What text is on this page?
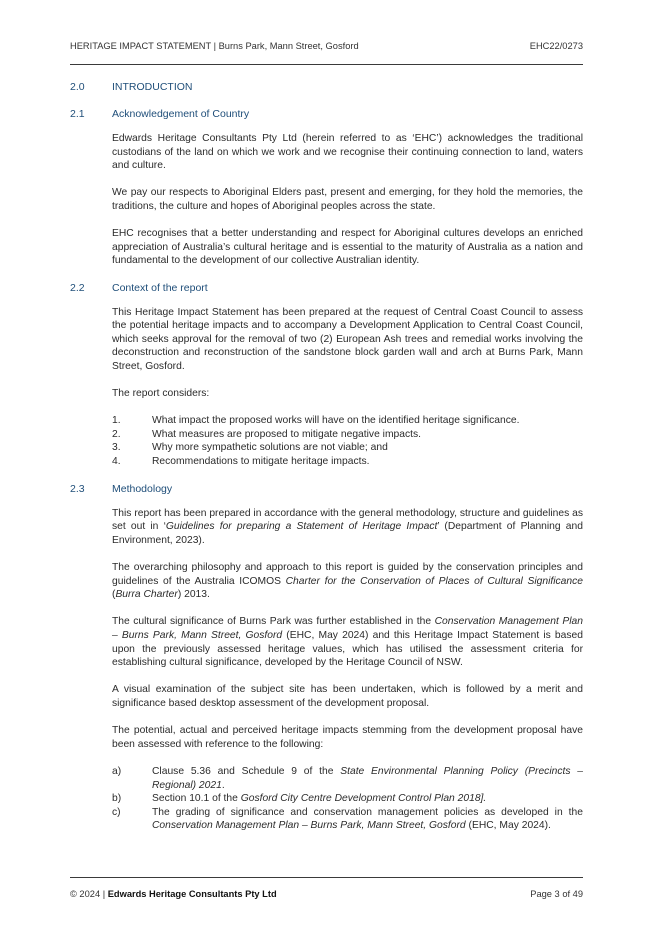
HERITAGE IMPACT STATEMENT | Burns Park, Mann Street, Gosford	EHC22/0273
2.0	INTRODUCTION
2.1	Acknowledgement of Country

Edwards Heritage Consultants Pty Ltd (herein referred to as ‘EHC’) acknowledges the traditional custodians of the land on which we work and we recognise their continuing connection to land, waters and culture.

We pay our respects to Aboriginal Elders past, present and emerging, for they hold the memories, the traditions, the culture and hopes of Aboriginal peoples across the state.

EHC recognises that a better understanding and respect for Aboriginal cultures develops an enriched appreciation of Australia’s cultural heritage and is essential to the maturity of Australia as a nation and fundamental to the development of our collective Australian identity.

2.2	Context of the report

This Heritage Impact Statement has been prepared at the request of Central Coast Council to assess the potential heritage impacts and to accompany a Development Application to Central Coast Council, which seeks approval for the removal of two (2) European Ash trees and remedial works involving the deconstruction and reconstruction of the sandstone block garden wall and arch at Burns Park, Mann Street, Gosford.

The report considers:

1.	What impact the proposed works will have on the identified heritage significance.
2.	What measures are proposed to mitigate negative impacts.
3.	Why more sympathetic solutions are not viable; and
4.	Recommendations to mitigate heritage impacts.
2.3	Methodology

This report has been prepared in accordance with the general methodology, structure and guidelines as set out in ‘Guidelines for preparing a Statement of Heritage Impact’ (Department of Planning and Environment, 2023).

The overarching philosophy and approach to this report is guided by the conservation principles and guidelines of the Australia ICOMOS Charter for the Conservation of Places of Cultural Significance (Burra Charter) 2013.

The cultural significance of Burns Park was further established in the Conservation Management Plan – Burns Park, Mann Street, Gosford (EHC, May 2024) and this Heritage Impact Statement is based upon the previously assessed heritage values, which has utilised the assessment criteria for establishing cultural significance, developed by the Heritage Council of NSW.

A visual examination of the subject site has been undertaken, which is followed by a merit and significance based desktop assessment of the development proposal.

The potential, actual and perceived heritage impacts stemming from the development proposal have been assessed with reference to the following:

a)	Clause 5.36 and Schedule 9 of the State Environmental Planning Policy (Precincts – Regional) 2021.
b)	Section 10.1 of the Gosford City Centre Development Control Plan 2018].
c)	The grading of significance and conservation management policies as developed in the Conservation Management Plan – Burns Park, Mann Street, Gosford (EHC, May 2024).
© 2024 | Edwards Heritage Consultants Pty Ltd	Page 3 of 49
